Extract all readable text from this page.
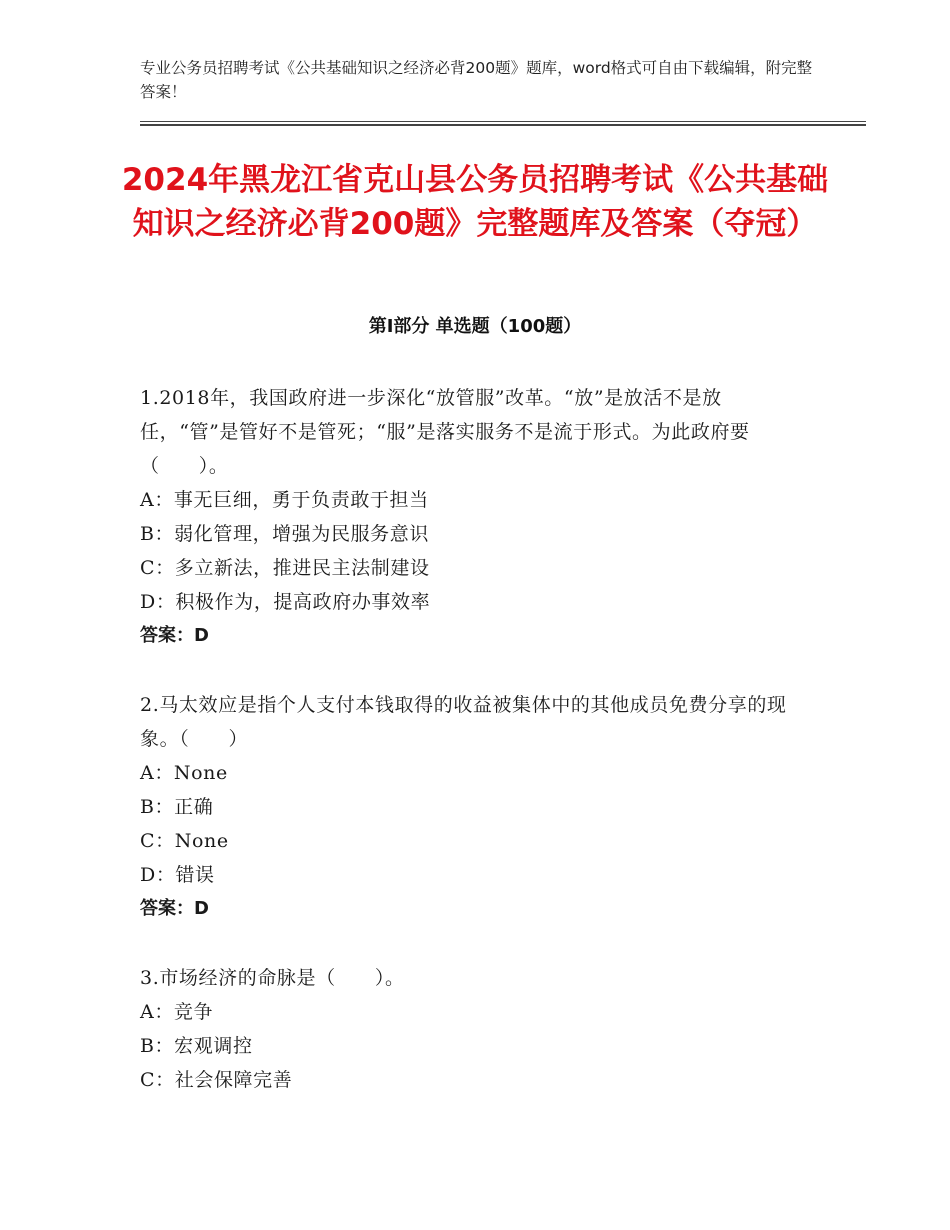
专业公务员招聘考试《公共基础知识之经济必背200题》题库，word格式可自由下载编辑，附完整答案！
2024年黑龙江省克山县公务员招聘考试《公共基础知识之经济必背200题》完整题库及答案（夺冠）
第Ⅰ部分 单选题（100题）

1.2018年，我国政府进一步深化“放管服”改革。“放”是放活不是放任，“管”是管好不是管死；“服”是落实服务不是流于形式。为此政府要（　　）。

A：事无巨细，勇于负责敢于担当

B：弱化管理，增强为民服务意识

C：多立新法，推进民主法制建设

D：积极作为，提高政府办事效率

答案：D

2.马太效应是指个人支付本钱取得的收益被集体中的其他成员免费分享的现象。（　　）

A：None

B：正确

C：None

D：错误

答案：D

3.市场经济的命脉是（　　）。

A：竞争

B：宏观调控

C：社会保障完善
